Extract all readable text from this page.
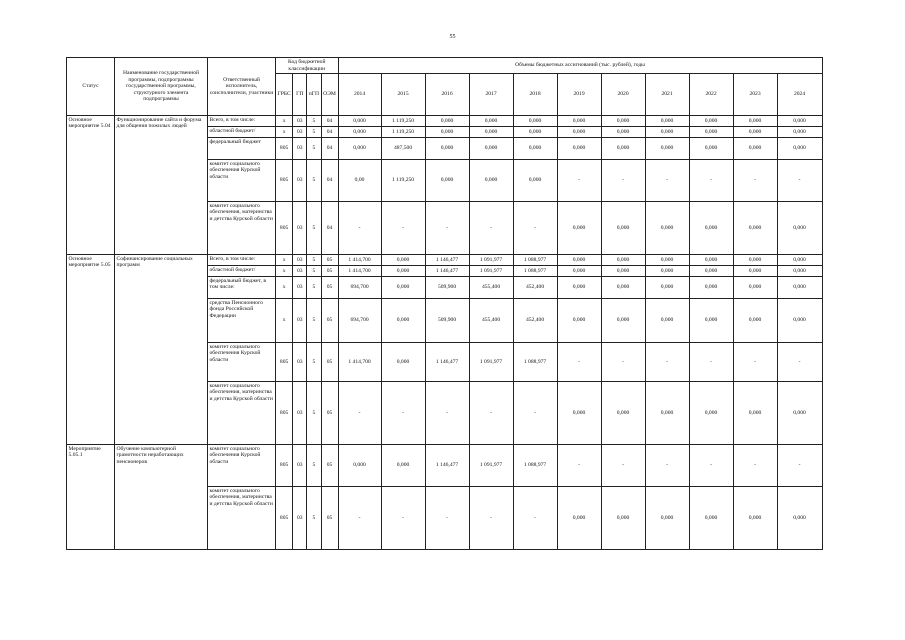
55
Статус	Наименование государственной программы, подпрограммы государственной программы, структурного элемента подпрограммы	Ответственный исполнитель, соисполнители, участники	Код бюджетной классификации				Объемы бюджетных ассигнований (тыс. рублей), годы										
			ГРБС	ГП	пГП	ОЭМ	2014	2015	2016	2017	2018	2019	2020	2021	2022	2023	2024
Основное мероприятие 5.04	Функционирование сайта и форума для общения пожилых людей	Всего, в том числе:	х	03	5	04	0,000	1 119,250	0,000	0,000	0,000	0,000	0,000	0,000	0,000	0,000	0,000
		областной бюджет/	х	03	5	04	0,000	1 119,250	0,000	0,000	0,000	0,000	0,000	0,000	0,000	0,000	0,000
		федеральный бюджет	805	03	5	04	0,000	487,500	0,000	0,000	0,000	0,000	0,000	0,000	0,000	0,000	0,000
		комитет социального обеспечения Курской области	805	03	5	04	0,00	1 119,250	0,000	0,000	0,000	-	-	-	-	-	-
		комитет социального обеспечения, материнства и детства Курской области	805	03	5	04	-	-	-	-	-	0,000	0,000	0,000	0,000	0,000	0,000
Основное мероприятие 5.05	Софинансирование социальных программ	Всего, в том числе:	х	03	5	05	1 414,700	0,000	1 146,477	1 091,977	1 088,977	0,000	0,000	0,000	0,000	0,000	0,000
		областной бюджет/	х	03	5	05	1 414,700	0,000	1 146,477	1 091,977	1 088,977	0,000	0,000	0,000	0,000	0,000	0,000
		федеральный бюджет, в том числе:	х	03	5	05	694,700	0,000	509,900	455,400	452,400	0,000	0,000	0,000	0,000	0,000	0,000
		средства Пенсионного фонда Российской Федерации	х	03	5	05	694,700	0,000	509,900	455,400	452,400	0,000	0,000	0,000	0,000	0,000	0,000
		комитет социального обеспечения Курской области	805	03	5	05	1 414,700	0,000	1 146,477	1 091,977	1 088,977	-	-	-	-	-	-
		комитет социального обеспечения, материнства и детства Курской области	805	03	5	05	-	-	-	-	-	0,000	0,000	0,000	0,000	0,000	0,000
Мероприятие 5.05.1	Обучение компьютерной грамотности неработающих пенсионеров	комитет социального обеспечения Курской области	805	03	5	05	0,000	0,000	1 146,477	1 091,977	1 088,977	-	-	-	-	-	-
		комитет социального обеспечения, материнства и детства Курской области	805	03	5	05	-	-	-	-	-	0,000	0,000	0,000	0,000	0,000	0,000
